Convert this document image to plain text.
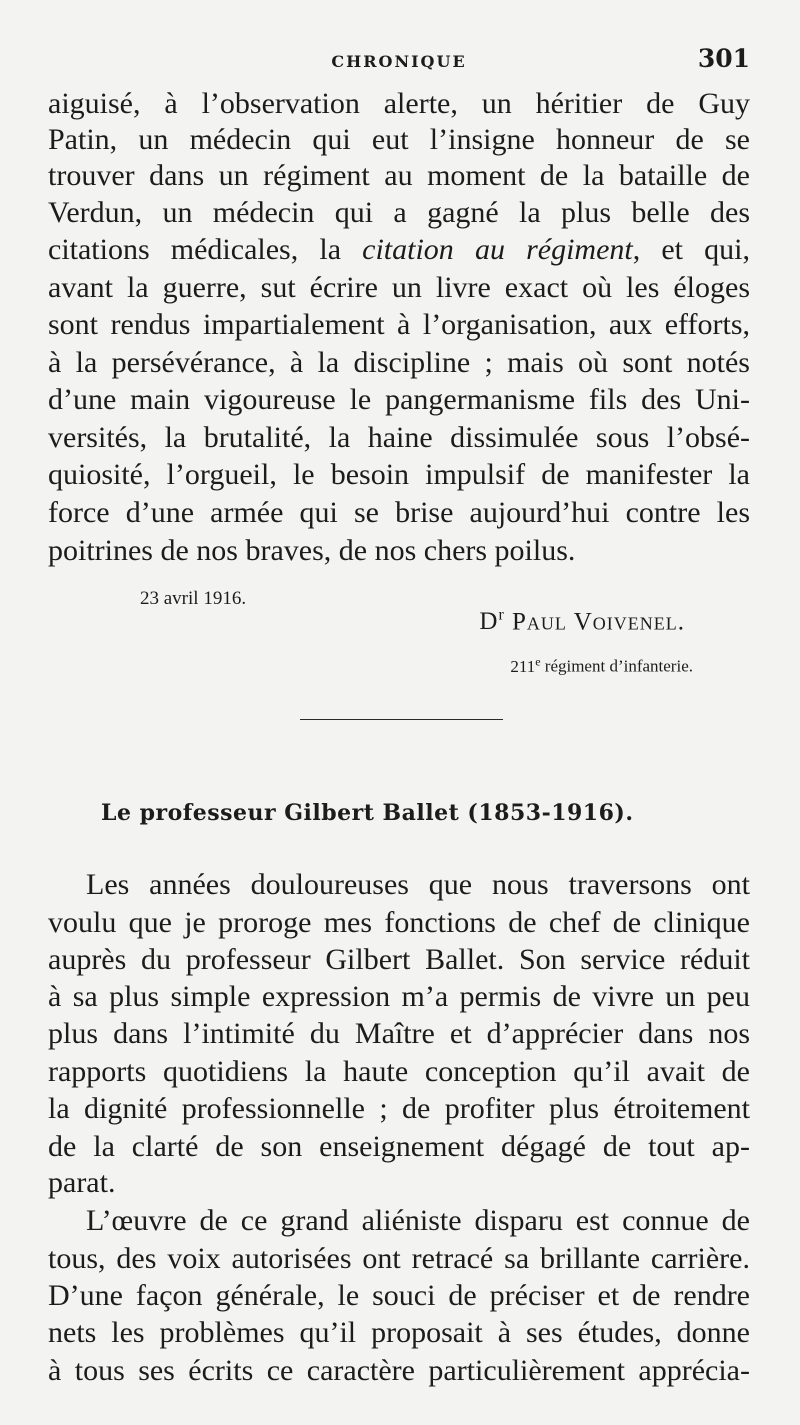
CHRONIQUE	301
aiguisé, à l’observation alerte, un héritier de Guy
Patin, un médecin qui eut l’insigne honneur de se
trouver dans un régiment au moment de la bataille de
Verdun, un médecin qui a gagné la plus belle des
citations médicales, la citation au régiment, et qui,
avant la guerre, sut écrire un livre exact où les éloges
sont rendus impartialement à l’organisation, aux efforts,
à la persévérance, à la discipline ; mais où sont notés
d’une main vigoureuse le pangermanisme fils des Uni-
versités, la brutalité, la haine dissimulée sous l’obsé-
quiosité, l’orgueil, le besoin impulsif de manifester la
force d’une armée qui se brise aujourd’hui contre les
poitrines de nos braves, de nos chers poilus.
23 avril 1916.
$D^r$ Paul Voivenel.
211e régiment d’infanterie.
Le professeur Gilbert Ballet (1853-1916).
Les années douloureuses que nous traversons ont
voulu que je proroge mes fonctions de chef de clinique
auprès du professeur Gilbert Ballet. Son service réduit
à sa plus simple expression m’a permis de vivre un peu
plus dans l’intimité du Maître et d’apprécier dans nos
rapports quotidiens la haute conception qu’il avait de
la dignité professionnelle ; de profiter plus étroitement
de la clarté de son enseignement dégagé de tout ap-
parat.
L’œuvre de ce grand aliéniste disparu est connue de
tous, des voix autorisées ont retracé sa brillante carrière.
D’une façon générale, le souci de préciser et de rendre
nets les problèmes qu’il proposait à ses études, donne
à tous ses écrits ce caractère particulièrement apprécia-
